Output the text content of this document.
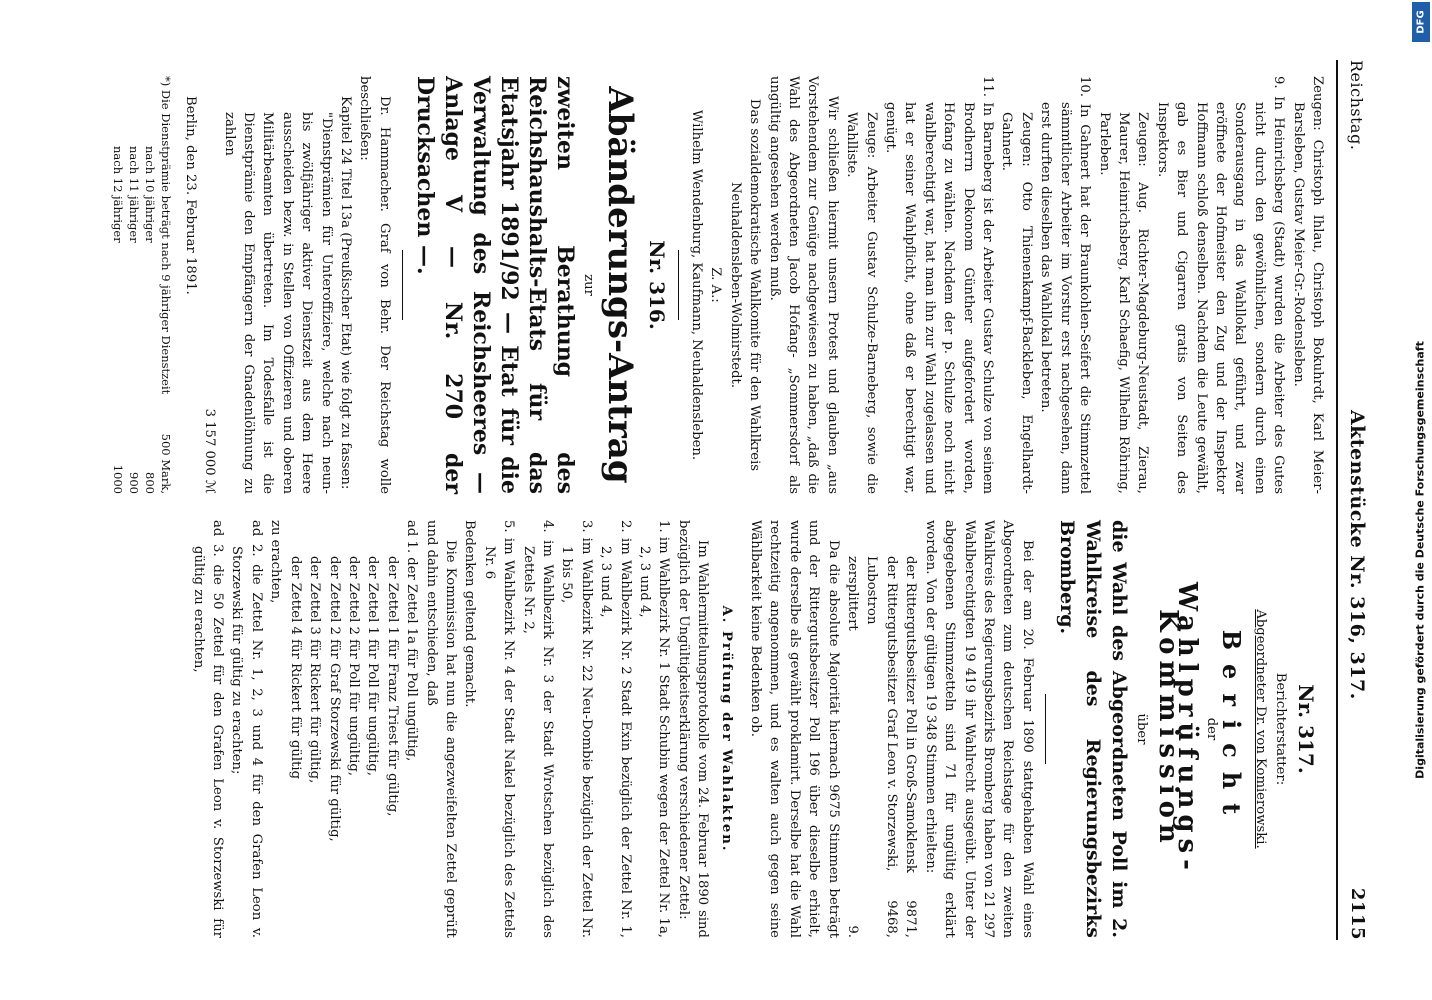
Reichstag.
Aktenstücke Nr. 316, 317.
2115

Zeugen: Christoph Ihlau, Christoph Bokuhrdt, Karl Meier-Barsleben, Gustav Meier-Gr.-Rodensleben.

9. In Heinrichsberg (Stadt) wurden die Arbeiter des Gutes nicht durch den gewöhnlichen, sondern durch einen Sonderausgang in das Wahllokal geführt, und zwar eröffnete der Hofmeister den Zug und der Inspektor Hoffmann schloß denselben. Nachdem die Leute gewählt, gab es Bier und Cigarren gratis von Seiten des Inspektors.

Zeugen: Aug. Richter-Magdeburg-Neustadt, Zierau, Maurer, Heinrichsberg, Karl Schaefig, Wilhelm Röhring, Parleben.

10. In Gahnert hat der Braunkohlen-Seifert die Stimmzettel sämmtlicher Arbeiter im Vorstur erst nachgesehen, dann erst durften dieselben das Wahllokal betreten.

Zeugen: Otto Thienenkampf-Backleben, Engelhardt-Gahnert.

11. In Barneberg ist der Arbeiter Gustav Schulze von seinem Brodherrn Dekonom Günther aufgefordert worden, Hofang zu wählen. Nachdem der p. Schulze noch nicht wahlberechtigt war, hat man ihn zur Wahl zugelassen und hat er seiner Wahlpflicht, ohne daß er berechtigt war, genügt.

Zeuge: Arbeiter Gustav Schulze-Barneberg, sowie die Wahlliste.

Wir schließen hiermit unsern Protest und glauben „aus Vorstehendem zur Genüge nachgewiesen zu haben, „daß die Wahl des Abgeordneten Jacob Hofang- „Sommersdorf als ungültig angesehen werden muß.

Das sozialdemokratische Wahlkomite für den Wahlkreis Neuhaldensleben-Wolmirstedt.

Z. A.:

Wilhelm Wendenburg, Kaufmann, Neuhaldensleben.

Nr. 316.
Abänderungs-Antrag

zur

zweiten Berathung des Reichshaushalts-Etats für das Etatsjahr 1891/92 — Etat für die Verwaltung des Reichsheeres — Anlage V — Nr. 270 der Drucksachen —.

Dr. Hammacher. Graf von Behr. Der Reichstag wolle beschließen:

Kapitel 24 Titel 13a (Preußischer Etat) wie folgt zu fassen:

"Dienstprämien für Unteroffiziere, welche nach neun- bis zwölfjähriger aktiver Dienstzeit aus dem Heere ausscheiden bezw. in Stellen von Offizieren und oberen Militärbeamten übertreten. Im Todesfalle ist die Dienstprämie den Empfängern der Gnadenlöhnung zu zahlen

3 157 000 ℳ

Berlin, den 23. Februar 1891.

*) Die Dienstprämie beträgt nach 9 jähriger Dienstzeit
500 Mark,
nach 10 jähriger
800
nach 11 jähriger
900
nach 12 jähriger
1000
Nr. 317.

Berichterstatter:

Abgeordneter Dr. von Komierowski.

Bericht

der

Wahlprüfungs-Kommission

über

die Wahl des Abgeordneten Poll im 2. Wahlkreise des Regierungsbezirks Bromberg.

Bei der am 20. Februar 1890 stattgehabten Wahl eines Abgeordneten zum deutschen Reichstage für den zweiten Wahlkreis des Regierungsbezirks Bromberg haben von 21 297 Wahlberechtigten 19 419 ihr Wahlrecht ausgeübt. Unter der abgegebenen Stimmzetteln sind 71 für ungültig erklärt worden. Von der gültigen 19 348 Stimmen erhielten:

der Rittergutsbesitzer Poll in Groß-Samoklensk
9871,
der Rittergutsbesitzer Graf Leon v. Storzewski, Lubostron
9468,
zersplittert
9.

Da die absolute Majorität hiernach 9675 Stimmen beträgt und der Rittergutsbesitzer Poll 196 über dieselbe erhielt, wurde derselbe als gewählt proklamirt. Derselbe hat die Wahl rechtzeitig angenommen, und es walten auch gegen seine Wählbarkeit keine Bedenken ob.

A. Prüfung der Wahlakten.

Im Wahlermittelungsprotokolle vom 24. Februar 1890 sind bezüglich der Ungültigkeitserklärung verschiedener Zettel:

1. im Wahlbezirk Nr. 1 Stadt Schubin wegen der Zettel Nr. 1a, 2, 3 und 4,

2. im Wahlbezirk Nr. 2 Stadt Exin bezüglich der Zettel Nr. 1, 2, 3 und 4,

3. im Wahlbezirk Nr. 22 Neu-Dombie bezüglich der Zettel Nr. 1 bis 50,

4. im Wahlbezirk Nr. 3 der Stadt Wrotschen bezüglich des Zettels Nr. 2,

5. im Wahlbezirk Nr. 4 der Stadt Nakel bezüglich des Zettels Nr. 6

Bedenken geltend gemacht.

Die Kommission hat nun die angezweifelten Zettel geprüft und dahin entschieden, daß

ad 1. der Zettel 1a für Poll ungültig,

der Zettel 1 für Franz Triest für gültig,

der Zettel 1 für Poll für ungültig,

der Zettel 2 für Poll für ungültig,

der Zettel 2 für Graf Storzewski für gültig,

der Zettel 3 für Rickert für gültig,

der Zettel 4 für Rickert für gültig

zu erachten,

ad 2. die Zettel Nr. 1, 2, 3 und 4 für den Grafen Leon v. Storzewski für gültig zu erachten;

ad 3. die 50 Zettel für den Grafen Leon v. Storzewski für gültig zu erachten,	Digitalisierung gefördert durch die Deutsche Forschungsgemeinschaft
DFG
